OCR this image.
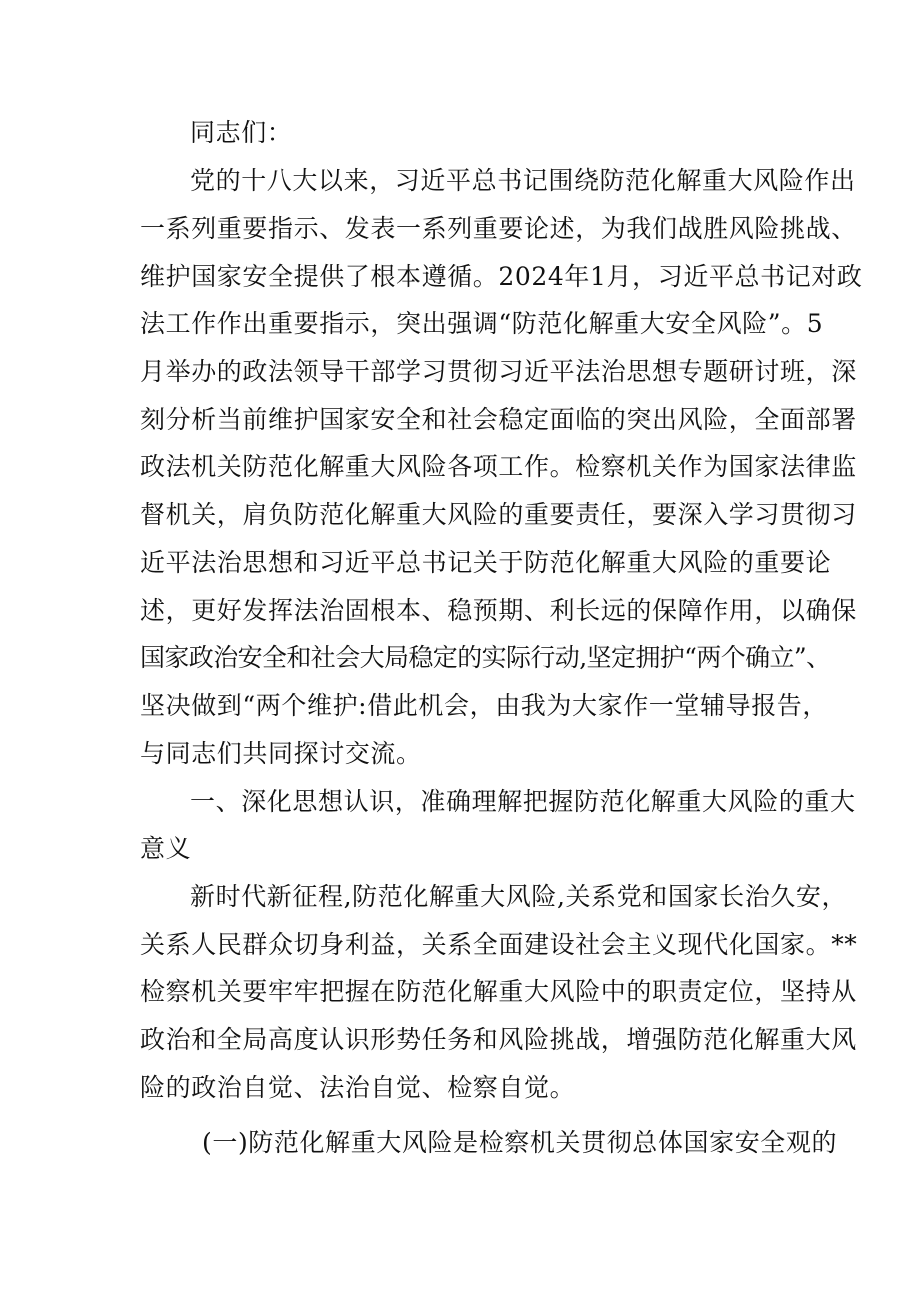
同志们：
党的十八大以来，习近平总书记围绕防范化解重大风险作出
一系列重要指示、发表一系列重要论述，为我们战胜风险挑战、
维护国家安全提供了根本遵循。2024年1月，习近平总书记对政
法工作作出重要指示，突出强调“防范化解重大安全风险”。5
月举办的政法领导干部学习贯彻习近平法治思想专题研讨班，深
刻分析当前维护国家安全和社会稳定面临的突出风险，全面部署
政法机关防范化解重大风险各项工作。检察机关作为国家法律监
督机关，肩负防范化解重大风险的重要责任，要深入学习贯彻习
近平法治思想和习近平总书记关于防范化解重大风险的重要论
述，更好发挥法治固根本、稳预期、利长远的保障作用，以确保
国家政治安全和社会大局稳定的实际行动,坚定拥护“两个确立”、
坚决做到“两个维护:借此机会，由我为大家作一堂辅导报告，
与同志们共同探讨交流。
一、深化思想认识，准确理解把握防范化解重大风险的重大
意义
新时代新征程,防范化解重大风险,关系党和国家长治久安，
关系人民群众切身利益，关系全面建设社会主义现代化国家。**
检察机关要牢牢把握在防范化解重大风险中的职责定位，坚持从
政治和全局高度认识形势任务和风险挑战，增强防范化解重大风
险的政治自觉、法治自觉、检察自觉。
(一)防范化解重大风险是检察机关贯彻总体国家安全观的
